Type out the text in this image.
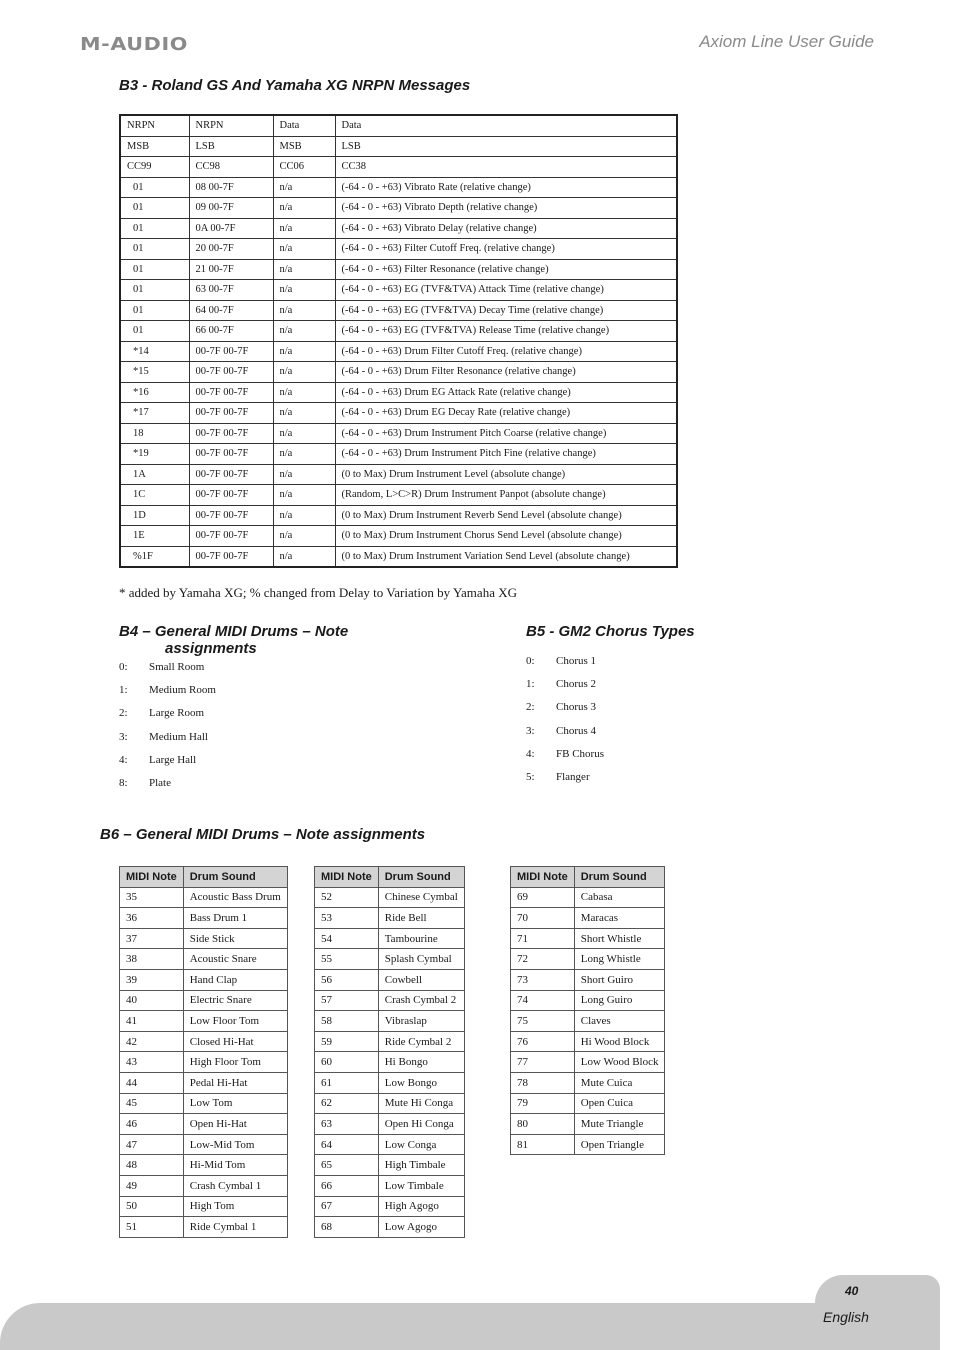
M-AUDIO	Axiom Line User Guide
B3 - Roland GS And Yamaha XG NRPN Messages
NRPN	NRPN	Data	Data
MSB	LSB	MSB	LSB
CC99	CC98	CC06	CC38
01	08 00-7F	n/a	(-64 - 0 - +63) Vibrato Rate (relative change)
01	09 00-7F	n/a	(-64 - 0 - +63) Vibrato Depth (relative change)
01	0A 00-7F	n/a	(-64 - 0 - +63) Vibrato Delay (relative change)
01	20 00-7F	n/a	(-64 - 0 - +63) Filter Cutoff Freq. (relative change)
01	21 00-7F	n/a	(-64 - 0 - +63) Filter Resonance (relative change)
01	63 00-7F	n/a	(-64 - 0 - +63) EG (TVF&TVA) Attack Time (relative change)
01	64 00-7F	n/a	(-64 - 0 - +63) EG (TVF&TVA) Decay Time (relative change)
01	66 00-7F	n/a	(-64 - 0 - +63) EG (TVF&TVA) Release Time (relative change)
*14	00-7F 00-7F	n/a	(-64 - 0 - +63) Drum Filter Cutoff Freq. (relative change)
*15	00-7F 00-7F	n/a	(-64 - 0 - +63) Drum Filter Resonance (relative change)
*16	00-7F 00-7F	n/a	(-64 - 0 - +63) Drum EG Attack Rate (relative change)
*17	00-7F 00-7F	n/a	(-64 - 0 - +63) Drum EG Decay Rate (relative change)
18	00-7F 00-7F	n/a	(-64 - 0 - +63) Drum Instrument Pitch Coarse (relative change)
*19	00-7F 00-7F	n/a	(-64 - 0 - +63) Drum Instrument Pitch Fine (relative change)
1A	00-7F 00-7F	n/a	(0 to Max) Drum Instrument Level (absolute change)
1C	00-7F 00-7F	n/a	(Random, L>C>R) Drum Instrument Panpot (absolute change)
1D	00-7F 00-7F	n/a	(0 to Max) Drum Instrument Reverb Send Level (absolute change)
1E	00-7F 00-7F	n/a	(0 to Max) Drum Instrument Chorus Send Level (absolute change)
%1F	00-7F 00-7F	n/a	(0 to Max) Drum Instrument Variation Send Level (absolute change)
* added by Yamaha XG; % changed from Delay to Variation by Yamaha XG
B4 – General MIDI Drums – Note
assignments
0:	Small Room
1:	Medium Room
2:	Large Room
3:	Medium Hall
4:	Large Hall
8:	Plate
B5 - GM2 Chorus Types
0:	Chorus 1
1:	Chorus 2
2:	Chorus 3
3:	Chorus 4
4:	FB Chorus
5:	Flanger
B6 – General MIDI Drums – Note assignments
MIDI Note	Drum Sound
35	Acoustic Bass Drum
36	Bass Drum 1
37	Side Stick
38	Acoustic Snare
39	Hand Clap
40	Electric Snare
41	Low Floor Tom
42	Closed Hi-Hat
43	High Floor Tom
44	Pedal Hi-Hat
45	Low Tom
46	Open Hi-Hat
47	Low-Mid Tom
48	Hi-Mid Tom
49	Crash Cymbal 1
50	High Tom
51	Ride Cymbal 1
MIDI Note	Drum Sound
52	Chinese Cymbal
53	Ride Bell
54	Tambourine
55	Splash Cymbal
56	Cowbell
57	Crash Cymbal 2
58	Vibraslap
59	Ride Cymbal 2
60	Hi Bongo
61	Low Bongo
62	Mute Hi Conga
63	Open Hi Conga
64	Low Conga
65	High Timbale
66	Low Timbale
67	High Agogo
68	Low Agogo
MIDI Note	Drum Sound
69	Cabasa
70	Maracas
71	Short Whistle
72	Long Whistle
73	Short Guiro
74	Long Guiro
75	Claves
76	Hi Wood Block
77	Low Wood Block
78	Mute Cuica
79	Open Cuica
80	Mute Triangle
81	Open Triangle
40
English
